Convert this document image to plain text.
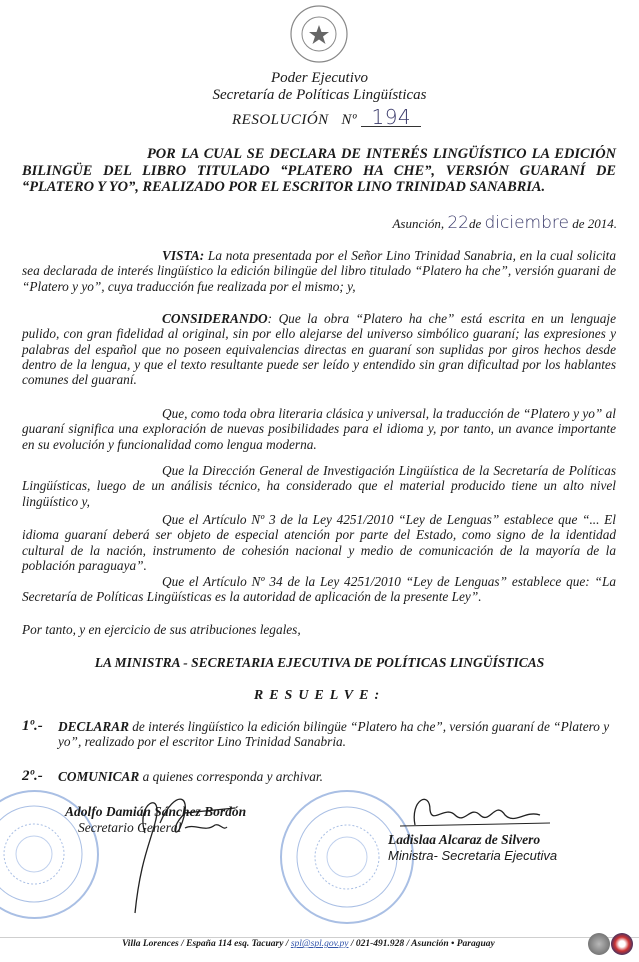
Poder Ejecutivo
Secretaría de Políticas Lingüísticas
RESOLUCIÓN Nº 194
POR LA CUAL SE DECLARA DE INTERÉS LINGÜÍSTICO LA EDICIÓN BILINGÜE DEL LIBRO TITULADO “PLATERO HA CHE”, VERSIÓN GUARANÍ DE “PLATERO Y YO”, REALIZADO POR EL ESCRITOR LINO TRINIDAD SANABRIA.
Asunción, 22de diciembre de 2014.
VISTA: La nota presentada por el Señor Lino Trinidad Sanabria, en la cual solicita sea declarada de interés lingüístico la edición bilingüe del libro titulado “Platero ha che”, versión guarani de “Platero y yo”, cuya traducción fue realizada por el mismo; y,
CONSIDERANDO: Que la obra “Platero ha che” está escrita en un lenguaje pulido, con gran fidelidad al original, sin por ello alejarse del universo simbólico guaraní; las expresiones y palabras del español que no poseen equivalencias directas en guaraní son suplidas por giros hechos desde dentro de la lengua, y que el texto resultante puede ser leído y entendido sin gran dificultad por los hablantes comunes del guaraní.
Que, como toda obra literaria clásica y universal, la traducción de “Platero y yo” al guaraní significa una exploración de nuevas posibilidades para el idioma y, por tanto, un avance importante en su evolución y funcionalidad como lengua moderna.
Que la Dirección General de Investigación Lingüística de la Secretaría de Políticas Lingüísticas, luego de un análisis técnico, ha considerado que el material producido tiene un alto nivel lingüístico y,
Que el Artículo Nº 3 de la Ley 4251/2010 “Ley de Lenguas” establece que “... El idioma guaraní deberá ser objeto de especial atención por parte del Estado, como signo de la identidad cultural de la nación, instrumento de cohesión nacional y medio de comunicación de la mayoría de la población paraguaya”.
Que el Artículo Nº 34 de la Ley 4251/2010 “Ley de Lenguas” establece que: “La Secretaría de Políticas Lingüísticas es la autoridad de aplicación de la presente Ley”.
Por tanto, y en ejercicio de sus atribuciones legales,
LA MINISTRA - SECRETARIA EJECUTIVA DE POLÍTICAS LINGÜÍSTICAS
RESUELVE:
1º.- DECLARAR de interés lingüístico la edición bilingüe “Platero ha che”, versión guaraní de “Platero y yo”, realizado por el escritor Lino Trinidad Sanabria.
2º.- COMUNICAR a quienes corresponda y archivar.
Adolfo Damián Sánchez Bordón
Secretario General
Ladislaa Alcaraz de Silvero
Ministra- Secretaria Ejecutiva
Villa Lorences / España 114 esq. Tacuary / spl@spl.gov.py / 021-491.928 / Asunción • Paraguay
